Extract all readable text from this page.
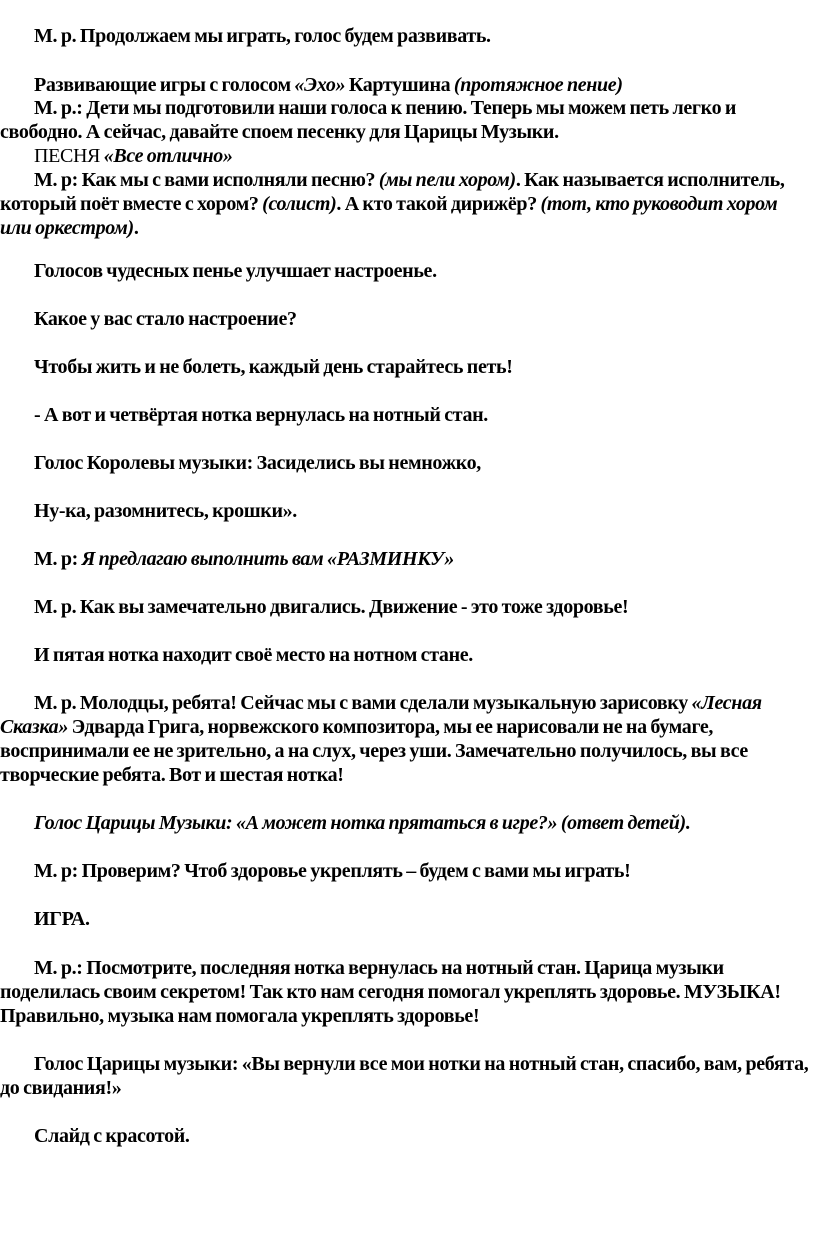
М. р. Продолжаем мы играть, голос будем развивать.

Развивающие игры с голосом «Эхо» Картушина (протяжное пение)

М. р.: Дети мы подготовили наши голоса к пению. Теперь мы можем петь легко и свободно. А сейчас, давайте споем песенку для Царицы Музыки.

ПЕСНЯ «Все отлично»

М. р: Как мы с вами исполняли песню? (мы пели хором). Как называется исполнитель, который поёт вместе с хором? (солист). А кто такой дирижёр? (тот, кто руководит хором или оркестром).

Голосов чудесных пенье улучшает настроенье.

Какое у вас стало настроение?

Чтобы жить и не болеть, каждый день старайтесь петь!

- А вот и четвёртая нотка вернулась на нотный стан.

Голос Королевы музыки: Засиделись вы немножко,

Ну-ка, разомнитесь, крошки».

М. р: Я предлагаю выполнить вам «РАЗМИНКУ»

М. р. Как вы замечательно двигались. Движение - это тоже здоровье!

И пятая нотка находит своё место на нотном стане.

М. р. Молодцы, ребята! Сейчас мы с вами сделали музыкальную зарисовку «Лесная Сказка» Эдварда Грига, норвежского композитора, мы ее нарисовали не на бумаге, воспринимали ее не зрительно, а на слух, через уши. Замечательно получилось, вы все творческие ребята. Вот и шестая нотка!

Голос Царицы Музыки: «А может нотка прятаться в игре?» (ответ детей).

М. р: Проверим? Чтоб здоровье укреплять – будем с вами мы играть!

ИГРА.

М. р.: Посмотрите, последняя нотка вернулась на нотный стан. Царица музыки поделилась своим секретом! Так кто нам сегодня помогал укреплять здоровье. МУЗЫКА! Правильно, музыка нам помогала укреплять здоровье!

Голос Царицы музыки: «Вы вернули все мои нотки на нотный стан, спасибо, вам, ребята, до свидания!»

Слайд с красотой.
